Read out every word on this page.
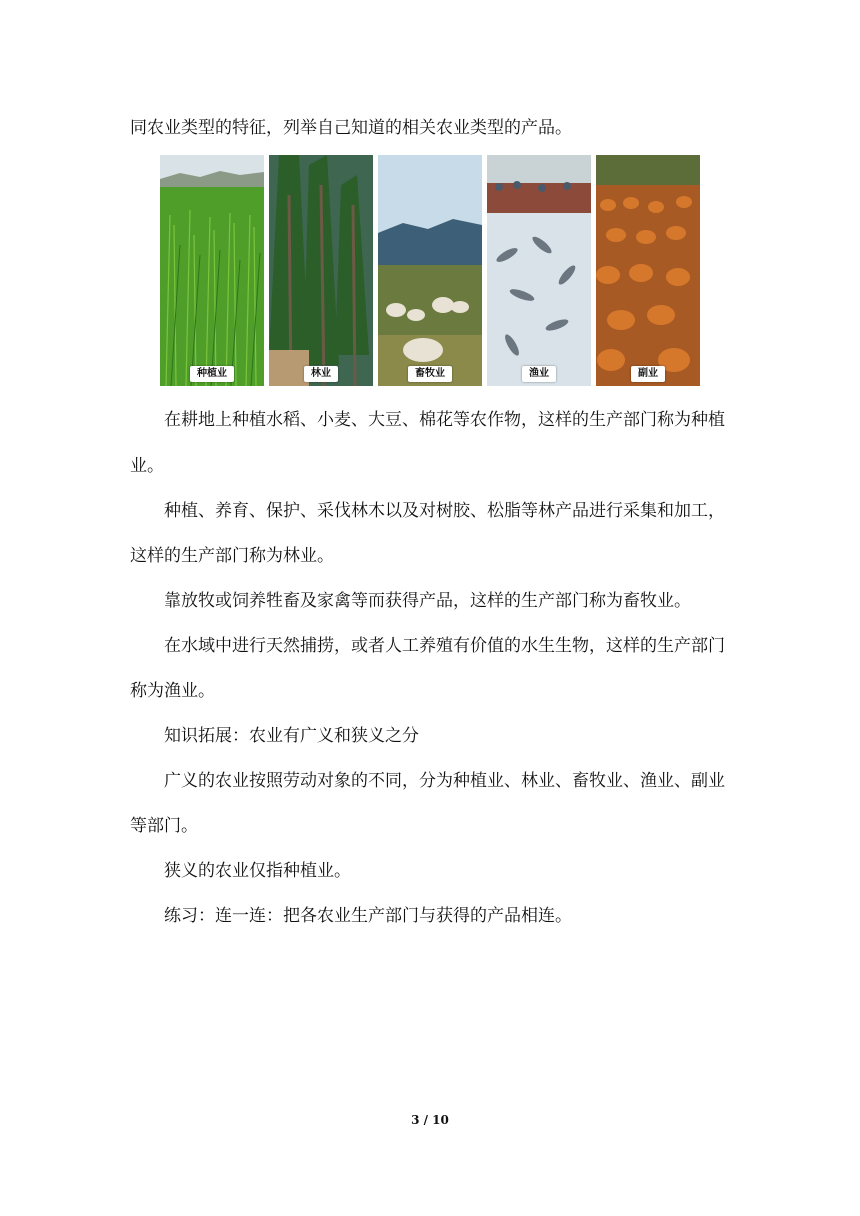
同农业类型的特征，列举自己知道的相关农业类型的产品。
种植业	林业	畜牧业	渔业	副业
在耕地上种植水稻、小麦、大豆、棉花等农作物，这样的生产部门称为种植
业。
种植、养育、保护、采伐林木以及对树胶、松脂等林产品进行采集和加工，
这样的生产部门称为林业。
靠放牧或饲养牲畜及家禽等而获得产品，这样的生产部门称为畜牧业。
在水域中进行天然捕捞，或者人工养殖有价值的水生生物，这样的生产部门
称为渔业。
知识拓展：农业有广义和狭义之分
广义的农业按照劳动对象的不同，分为种植业、林业、畜牧业、渔业、副业
等部门。
狭义的农业仅指种植业。
练习：连一连：把各农业生产部门与获得的产品相连。
3 / 10
